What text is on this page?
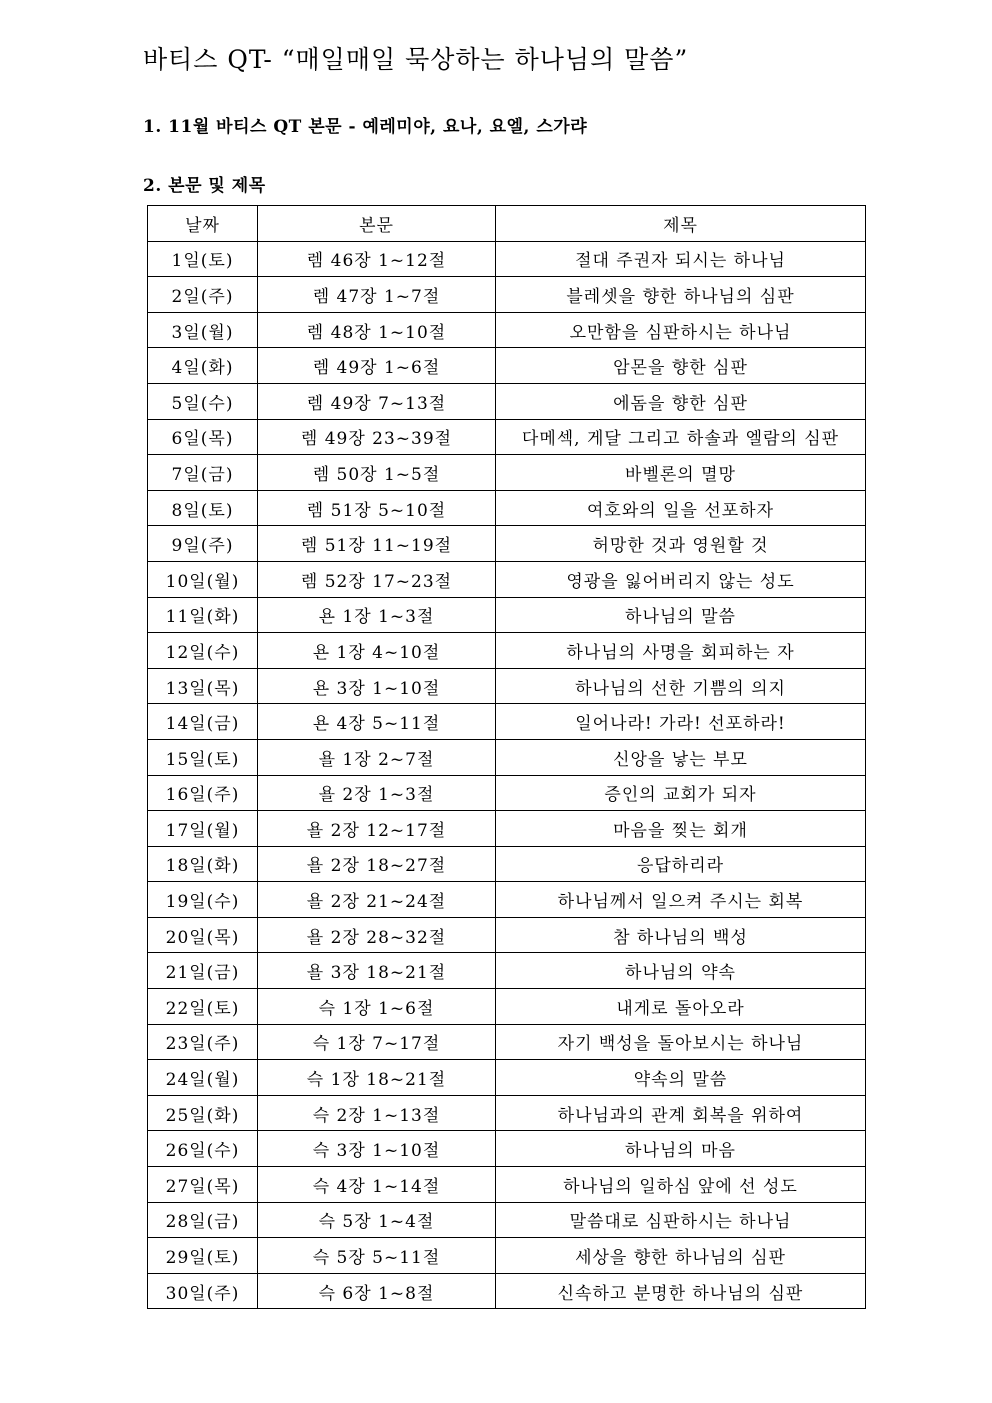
바티스 QT- “매일매일 묵상하는 하나님의 말씀”
1. 11월 바티스 QT 본문 - 예레미야, 요나, 요엘, 스가랴
2. 본문 및 제목
날짜	본문	제목
1일(토)	렘 46장 1~12절	절대 주권자 되시는 하나님
2일(주)	렘 47장 1~7절	블레셋을 향한 하나님의 심판
3일(월)	렘 48장 1~10절	오만함을 심판하시는 하나님
4일(화)	렘 49장 1~6절	암몬을 향한 심판
5일(수)	렘 49장 7~13절	에돔을 향한 심판
6일(목)	렘 49장 23~39절	다메섹, 게달 그리고 하솔과 엘람의 심판
7일(금)	렘 50장 1~5절	바벨론의 멸망
8일(토)	렘 51장 5~10절	여호와의 일을 선포하자
9일(주)	렘 51장 11~19절	허망한 것과 영원할 것
10일(월)	렘 52장 17~23절	영광을 잃어버리지 않는 성도
11일(화)	욘 1장 1~3절	하나님의 말씀
12일(수)	욘 1장 4~10절	하나님의 사명을 회피하는 자
13일(목)	욘 3장 1~10절	하나님의 선한 기쁨의 의지
14일(금)	욘 4장 5~11절	일어나라! 가라! 선포하라!
15일(토)	욜 1장 2~7절	신앙을 낳는 부모
16일(주)	욜 2장 1~3절	증인의 교회가 되자
17일(월)	욜 2장 12~17절	마음을 찢는 회개
18일(화)	욜 2장 18~27절	응답하리라
19일(수)	욜 2장 21~24절	하나님께서 일으켜 주시는 회복
20일(목)	욜 2장 28~32절	참 하나님의 백성
21일(금)	욜 3장 18~21절	하나님의 약속
22일(토)	슥 1장 1~6절	내게로 돌아오라
23일(주)	슥 1장 7~17절	자기 백성을 돌아보시는 하나님
24일(월)	슥 1장 18~21절	약속의 말씀
25일(화)	슥 2장 1~13절	하나님과의 관계 회복을 위하여
26일(수)	슥 3장 1~10절	하나님의 마음
27일(목)	슥 4장 1~14절	하나님의 일하심 앞에 선 성도
28일(금)	슥 5장 1~4절	말씀대로 심판하시는 하나님
29일(토)	슥 5장 5~11절	세상을 향한 하나님의 심판
30일(주)	슥 6장 1~8절	신속하고 분명한 하나님의 심판
